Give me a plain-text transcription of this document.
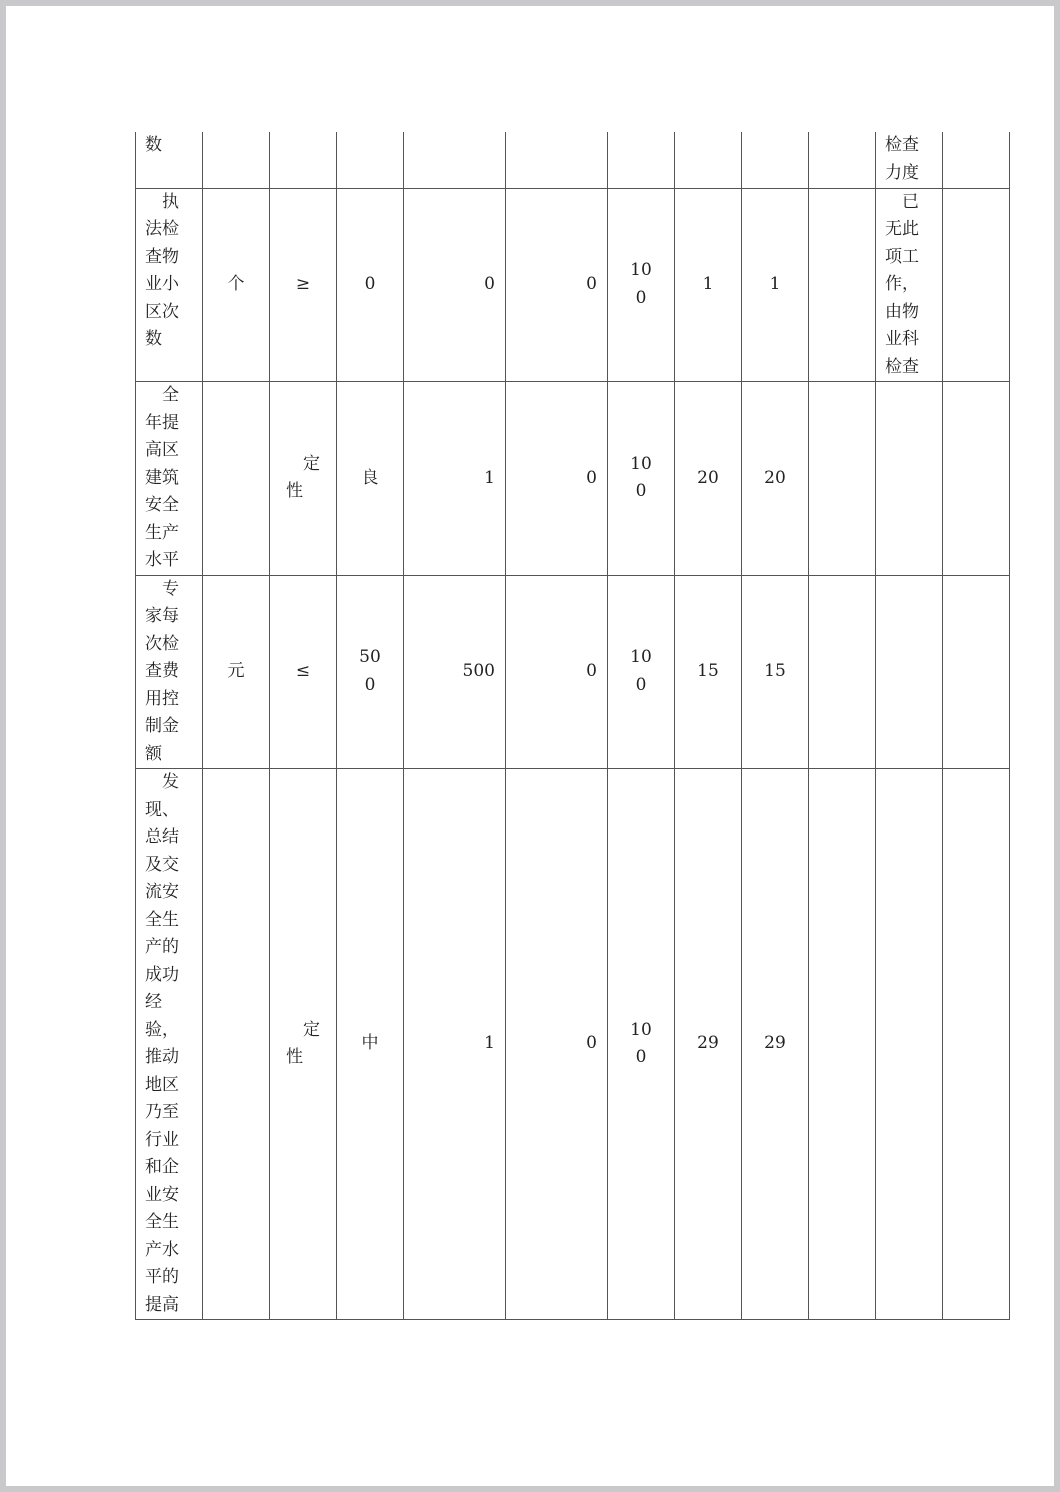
数										检查力度	
执法检查物业小区次数	个	≥	0	0	0	100	1	1		已无此项工作，由物业科检查	
全年提高区建筑安全生产水平		定性	良	1	0	100	20	20			
专家每次检查费用控制金额	元	≤	500	500	0	100	15	15			
发现、总结及交流安全生产的成功经验，推动地区乃至行业和企业安全生产水平的提高		定性	中	1	0	100	29	29			
